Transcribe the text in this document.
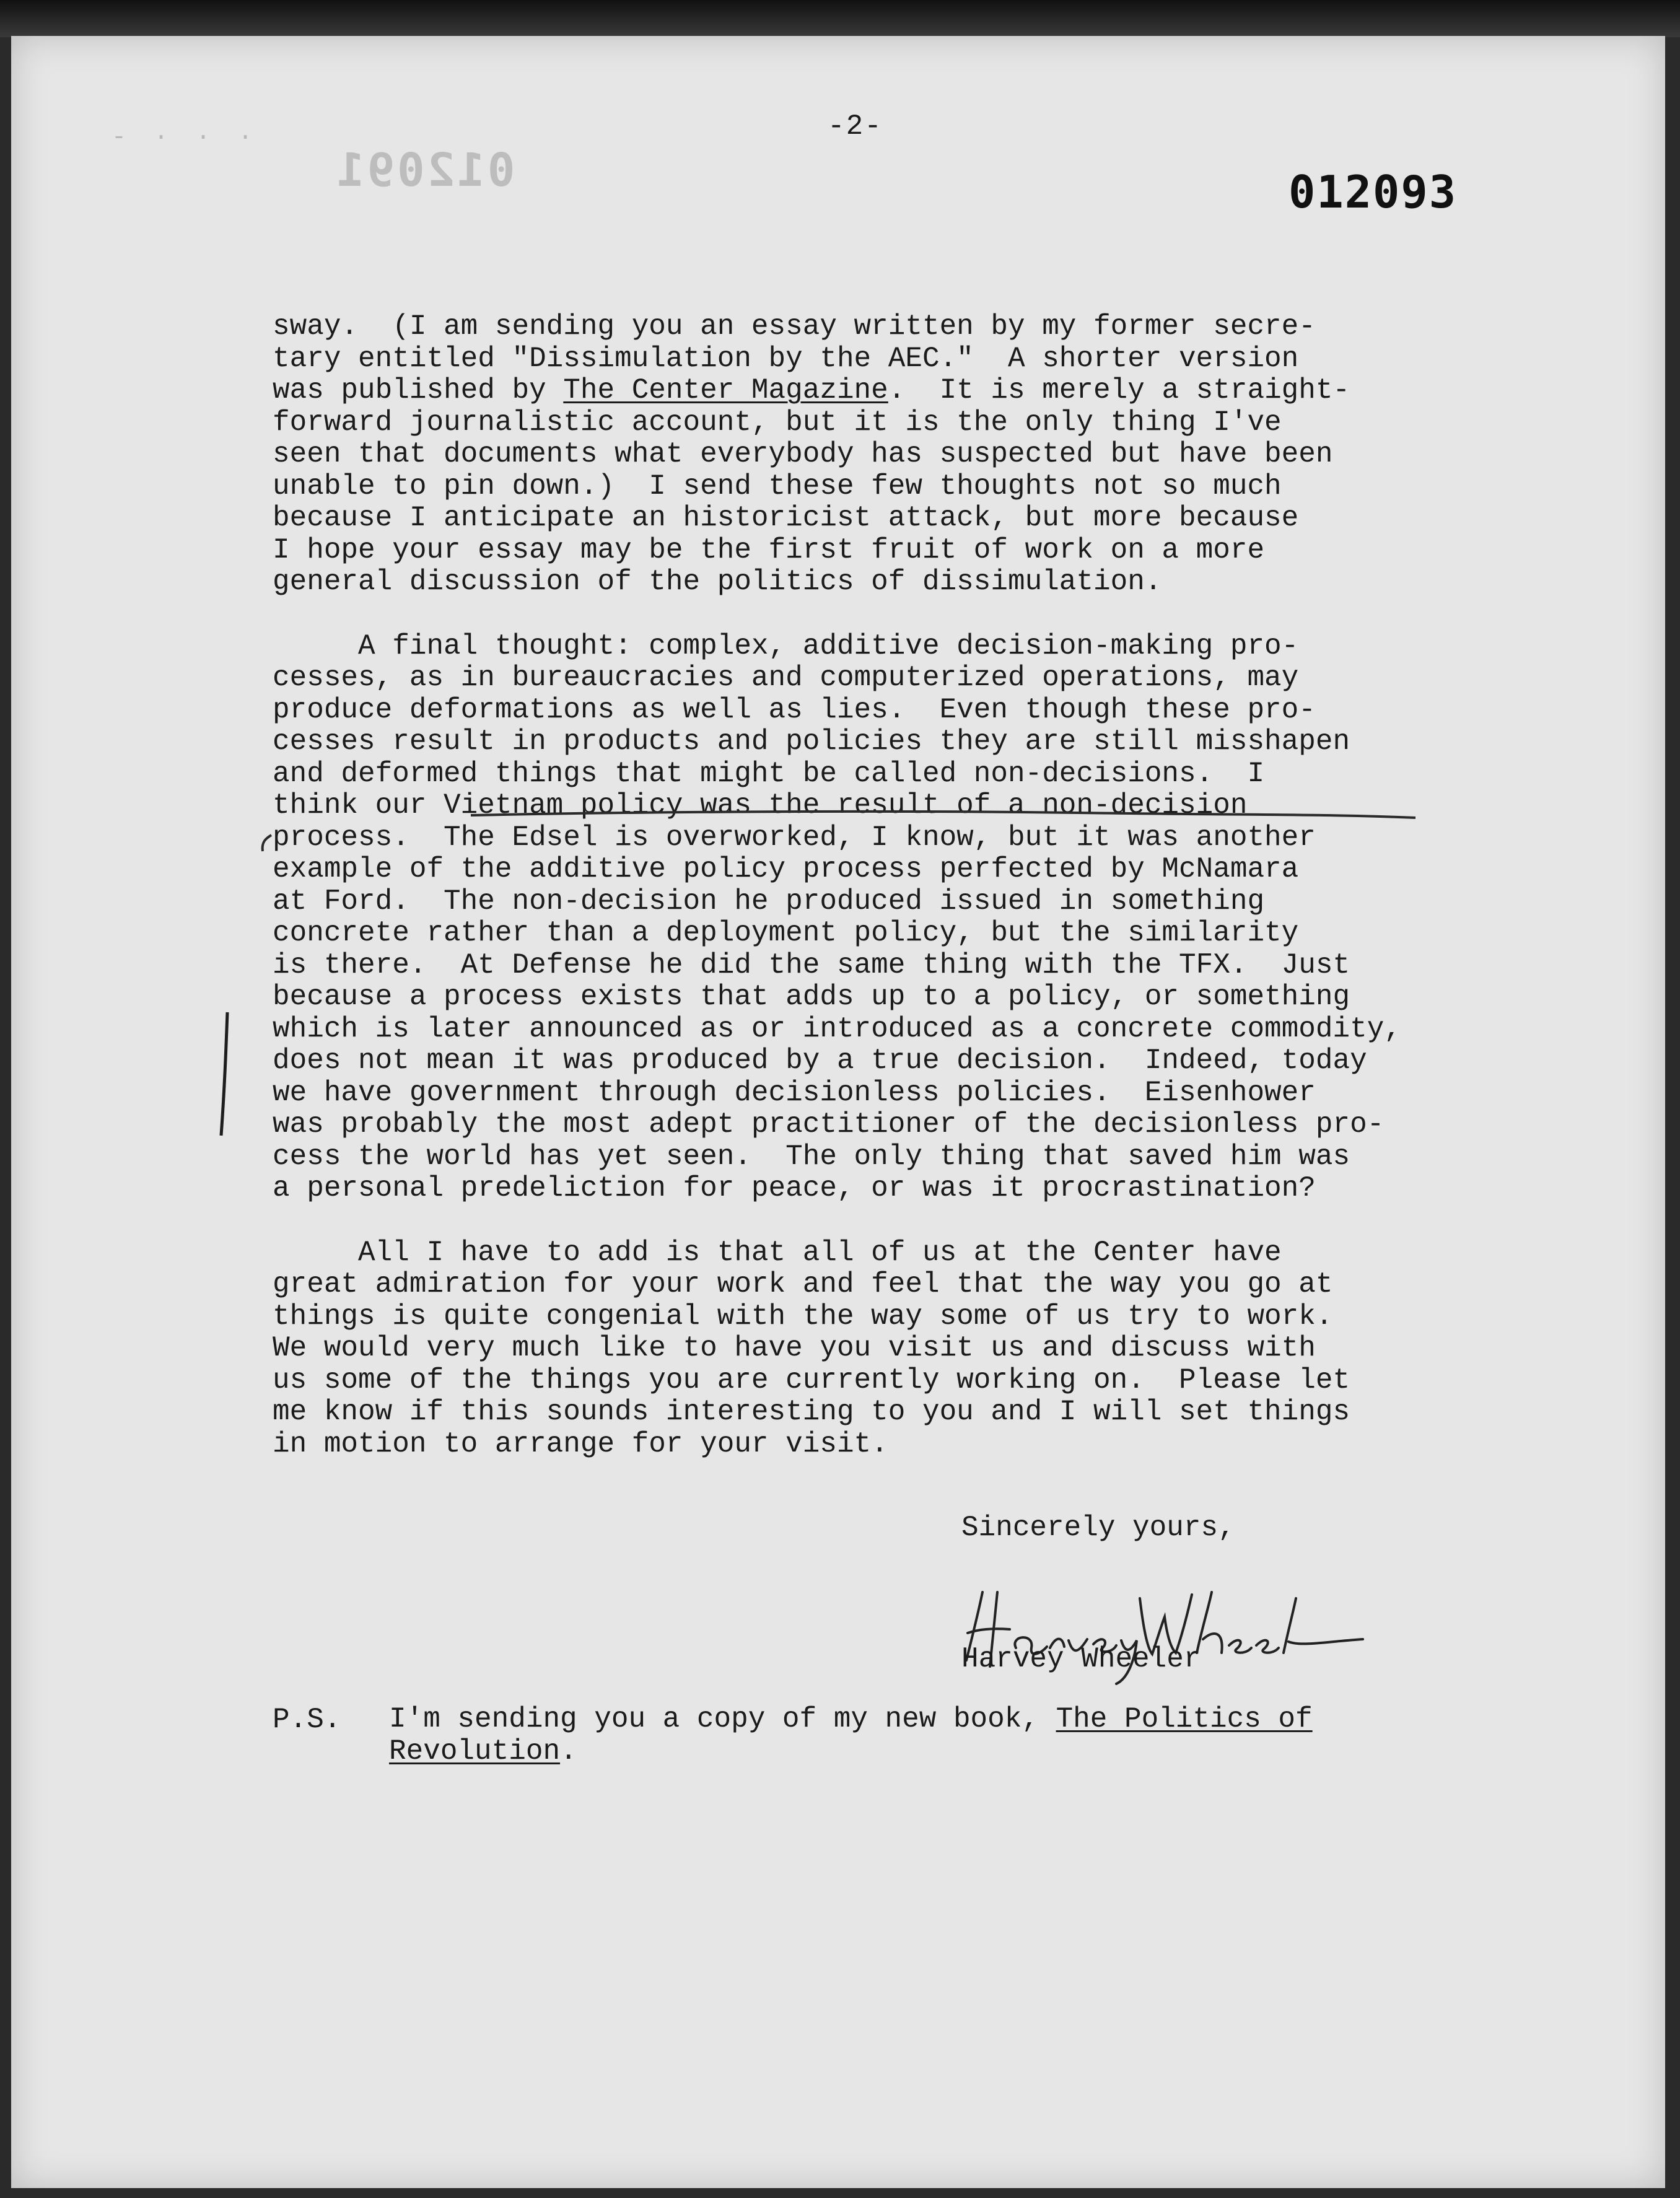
- · · ·
012091
-2-
012093
sway.  (I am sending you an essay written by my former secre-
tary entitled "Dissimulation by the AEC."  A shorter version
was published by The Center Magazine.  It is merely a straight-
forward journalistic account, but it is the only thing I've
seen that documents what everybody has suspected but have been
unable to pin down.)  I send these few thoughts not so much
because I anticipate an historicist attack, but more because
I hope your essay may be the first fruit of work on a more
general discussion of the politics of dissimulation.
A final thought: complex, additive decision-making pro-
cesses, as in bureaucracies and computerized operations, may
produce deformations as well as lies.  Even though these pro-
cesses result in products and policies they are still misshapen
and deformed things that might be called non-decisions.  I
think our Vietnam policy was the result of a non-decision
process.  The Edsel is overworked, I know, but it was another
example of the additive policy process perfected by McNamara
at Ford.  The non-decision he produced issued in something
concrete rather than a deployment policy, but the similarity
is there.  At Defense he did the same thing with the TFX.  Just
because a process exists that adds up to a policy, or something
which is later announced as or introduced as a concrete commodity,
does not mean it was produced by a true decision.  Indeed, today
we have government through decisionless policies.  Eisenhower
was probably the most adept practitioner of the decisionless pro-
cess the world has yet seen.  The only thing that saved him was
a personal predeliction for peace, or was it procrastination?
All I have to add is that all of us at the Center have
great admiration for your work and feel that the way you go at
things is quite congenial with the way some of us try to work.
We would very much like to have you visit us and discuss with
us some of the things you are currently working on.  Please let
me know if this sounds interesting to you and I will set things
in motion to arrange for your visit.
Sincerely yours,
Harvey Wheeler
P.S. I'm sending you a copy of my new book, The Politics of
Revolution.
